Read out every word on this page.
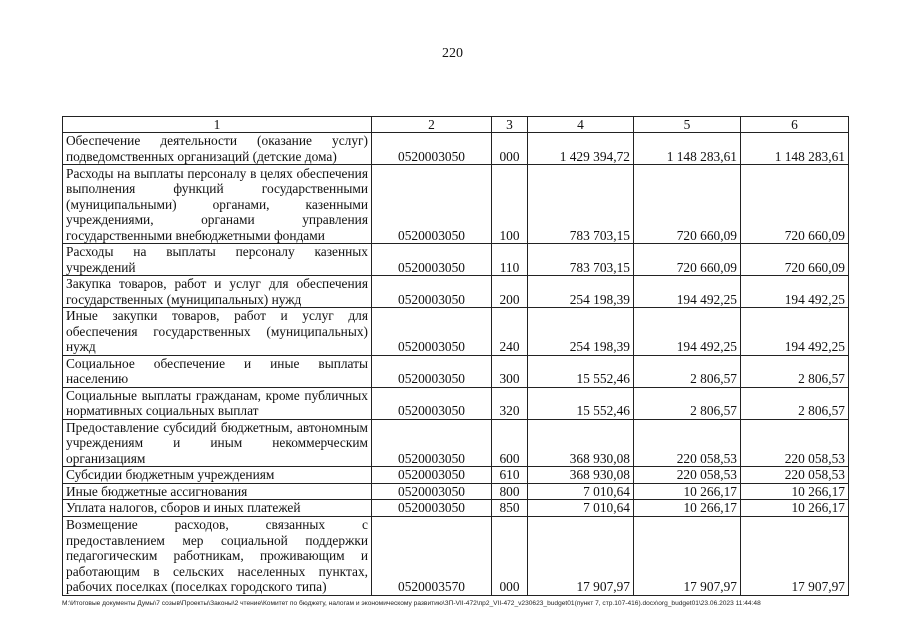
220
1	2	3	4	5	6
Обеспечение деятельности (оказание услуг) подведомственных организаций (детские дома)	0520003050	000	1 429 394,72	1 148 283,61	1 148 283,61
Расходы на выплаты персоналу в целях обеспечения выполнения функций государственными (муниципальными) органами, казенными учреждениями, органами управления государственными внебюджетными фондами	0520003050	100	783 703,15	720 660,09	720 660,09
Расходы на выплаты персоналу казенных учреждений	0520003050	110	783 703,15	720 660,09	720 660,09
Закупка товаров, работ и услуг для обеспечения государственных (муниципальных) нужд	0520003050	200	254 198,39	194 492,25	194 492,25
Иные закупки товаров, работ и услуг для обеспечения государственных (муниципальных) нужд	0520003050	240	254 198,39	194 492,25	194 492,25
Социальное обеспечение и иные выплаты населению	0520003050	300	15 552,46	2 806,57	2 806,57
Социальные выплаты гражданам, кроме публичных нормативных социальных выплат	0520003050	320	15 552,46	2 806,57	2 806,57
Предоставление субсидий бюджетным, автономным учреждениям и иным некоммерческим организациям	0520003050	600	368 930,08	220 058,53	220 058,53
Субсидии бюджетным учреждениям	0520003050	610	368 930,08	220 058,53	220 058,53
Иные бюджетные ассигнования	0520003050	800	7 010,64	10 266,17	10 266,17
Уплата налогов, сборов и иных платежей	0520003050	850	7 010,64	10 266,17	10 266,17
Возмещение расходов, связанных с предоставлением мер социальной поддержки педагогическим работникам, проживающим и работающим в сельских населенных пунктах, рабочих поселках (поселках городского типа)	0520003570	000	17 907,97	17 907,97	17 907,97
M:\Итоговые документы Думы\7 созыв\Проекты\Законы\2 чтение\Комитет по бюджету, налогам и экономическому развитию\ЗП-VII-472\пр2_VII-472_v230623_budget01(пункт 7, стр.107-416).docx\org_budget01\23.06.2023 11:44:48
